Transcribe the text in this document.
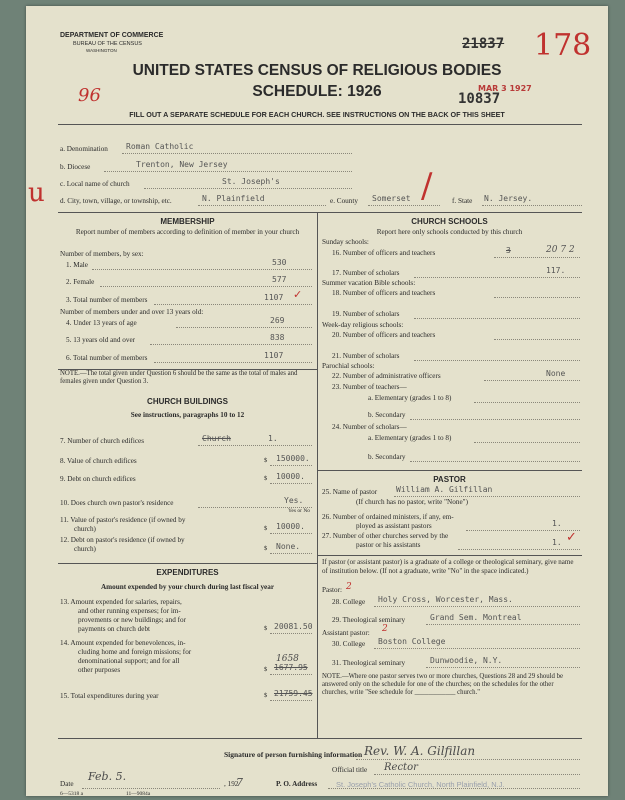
DEPARTMENT OF COMMERCE
BUREAU OF THE CENSUS
WASHINGTON	21837 178
MAR 3 1927
10837
96
UNITED STATES CENSUS OF RELIGIOUS BODIES
SCHEDULE: 1926
FILL OUT A SEPARATE SCHEDULE FOR EACH CHURCH. SEE INSTRUCTIONS ON THE BACK OF THIS SHEET
a. Denomination Roman Catholic
b. Diocese	Trenton, New Jersey
c. Local name of church	St. Joseph's
u	/
d. City, town, village, or township, etc.	N. Plainfield	e. County Somerset	f. State N. Jersey.
MEMBERSHIP
Report number of members according to definition of member in your church
Number of members, by sex:
1. Male	530
2. Female	577
3. Total number of members	1107 ✓
Number of members under and over 13 years old:
4. Under 13 years of age	269
5. 13 years old and over	838
6. Total number of members	1107
NOTE.—The total given under Question 6 should be the same as the total of males and females given under Question 3.
CHURCH BUILDINGS
See instructions, paragraphs 10 to 12
7. Number of church edifices	Church	1.
8. Value of church edifices	$ 150000.
9. Debt on church edifices	$ 10000.
10. Does church own pastor's residence	Yes.
Yes or No
11. Value of pastor's residence (if owned by
church)	$ 10000.
12. Debt on pastor's residence (if owned by
church)	$ None.
EXPENDITURES
Amount expended by your church during last fiscal year
13. Amount expended for salaries, repairs,
and other running expenses; for im-
provements or new buildings; and for
payments on church debt	$ 20081.50
14. Amount expended for benevolences, in-
cluding home and foreign missions; for
denominational support; and for all
other purposes
1658
$ 1677.95
15. Total expenditures during year	$ 21759.45
CHURCH SCHOOLS
Report here only schools conducted by this church
Sunday schools:
16. Number of officers and teachers	3	20 7 2
17. Number of scholars	117.
Summer vacation Bible schools:
18. Number of officers and teachers
19. Number of scholars
Week-day religious schools:
20. Number of officers and teachers
21. Number of scholars
Parochial schools:
22. Number of administrative officers	None
23. Number of teachers—
a. Elementary (grades 1 to 8)
b. Secondary
24. Number of scholars—
a. Elementary (grades 1 to 8)
b. Secondary
PASTOR
25. Name of pastor William A. Gilfillan
(If church has no pastor, write "None")
26. Number of ordained ministers, if any, em-
ployed as assistant pastors	1.
27. Number of other churches served by the
pastor or his assistants	1. ✓
If pastor (or assistant pastor) is a graduate of a college or theological seminary, give name of institution below. (If not a graduate, write "No" in the space indicated.)
Pastor: 2
28. College Holy Cross, Worcester, Mass.
29. Theological seminary	Grand Sem. Montreal
Assistant pastor: 2
30. College Boston College
31. Theological seminary	Dunwoodie, N.Y.
NOTE.—Where one pastor serves two or more churches, Questions 28 and 29 should be answered only on the schedule for one of the churches; on the schedules for the other churches, write "See schedule for ____________ church."
Signature of person furnishing information Rev. W. A. Gilfillan
Official title Rector
Date
Feb. 5.
, 192
7	P. O. Address	St. Joseph's Catholic Church, North Plainfield, N.J.
6—5318 a	11—9084a
